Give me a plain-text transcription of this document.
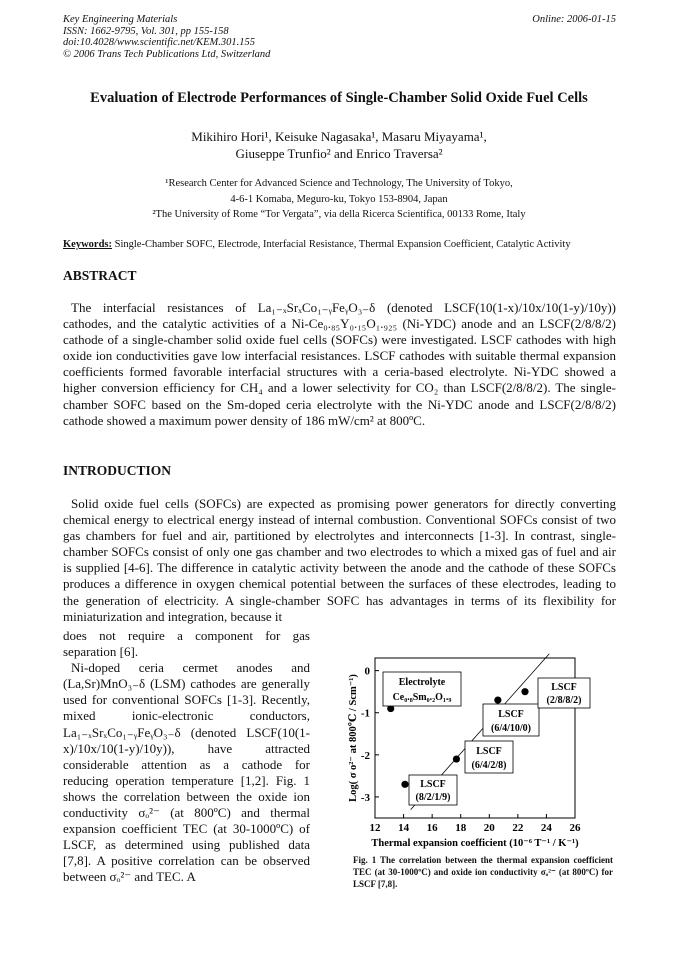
Key Engineering Materials
ISSN: 1662-9795, Vol. 301, pp 155-158
doi:10.4028/www.scientific.net/KEM.301.155
© 2006 Trans Tech Publications Ltd, Switzerland
Online: 2006-01-15
Evaluation of Electrode Performances of Single-Chamber Solid Oxide Fuel Cells
Mikihiro Hori¹, Keisuke Nagasaka¹, Masaru Miyayama¹,
Giuseppe Trunfio² and Enrico Traversa²
¹Research Center for Advanced Science and Technology, The University of Tokyo,
4-6-1 Komaba, Meguro-ku, Tokyo 153-8904, Japan
²The University of Rome “Tor Vergata”, via della Ricerca Scientifica, 00133 Rome, Italy
Keywords: Single-Chamber SOFC, Electrode, Interfacial Resistance, Thermal Expansion Coefficient, Catalytic Activity
ABSTRACT

The interfacial resistances of La₁₋ₓSrₓCo₁₋ᵧFeᵧO₃₋δ (denoted LSCF(10(1-x)/10x/10(1-y)/10y)) cathodes, and the catalytic activities of a Ni-Ce₀.₈₅Y₀.₁₅O₁.₉₂₅ (Ni-YDC) anode and an LSCF(2/8/8/2) cathode of a single-chamber solid oxide fuel cells (SOFCs) were investigated. LSCF cathodes with high oxide ion conductivities gave low interfacial resistances. LSCF cathodes with suitable thermal expansion coefficients formed favorable interfacial structures with a ceria-based electrolyte. Ni-YDC showed a higher conversion efficiency for CH₄ and a lower selectivity for CO₂ than LSCF(2/8/8/2). The single-chamber SOFC based on the Sm-doped ceria electrolyte with the Ni-YDC anode and LSCF(2/8/8/2) cathode showed a maximum power density of 186 mW/cm² at 800ºC.

INTRODUCTION

Solid oxide fuel cells (SOFCs) are expected as promising power generators for directly converting chemical energy to electrical energy instead of internal combustion. Conventional SOFCs consist of two gas chambers for fuel and air, partitioned by electrolytes and interconnects [1-3]. In contrast, single-chamber SOFCs consist of only one gas chamber and two electrodes to which a mixed gas of fuel and air is supplied [4-6]. The difference in catalytic activity between the anode and the cathode of these SOFCs produces a difference in oxygen chemical potential between the surfaces of these electrodes, leading to the generation of electricity. A single-chamber SOFC has advantages in terms of its flexibility for miniaturization and integration, because it

does not require a component for gas separation [6].
Ni-doped ceria cermet anodes and (La,Sr)MnO₃₋δ (LSM) cathodes are generally used for conventional SOFCs [1-3]. Recently, mixed ionic-electronic conductors, La₁₋ₓSrₓCo₁₋ᵧFeᵧO₃₋δ (denoted LSCF(10(1-x)/10x/10(1-y)/10y)), have attracted considerable attention as a cathode for reducing operation temperature [1,2]. Fig. 1 shows the correlation between the oxide ion conductivity σₒ²⁻ (at 800ºC) and thermal expansion coefficient TEC (at 30-1000ºC) of LSCF, as determined using published data [7,8]. A positive correlation can be observed between σₒ²⁻ and TEC. A
12 14 16 18 20 22 24 26
0
-1
-2
-3
Electrolyte
Ce₀.₈Sm₀.₂O₁.₉
LSCF
(8/2/1/9)
LSCF
(6/4/2/8)
LSCF
(6/4/10/0)
LSCF
(2/8/8/2)
Thermal expansion coefficient (10⁻⁶ T⁻¹ / K⁻¹)
Log( σ o²⁻ at 800℃ / Scm⁻¹)
Fig. 1 The correlation between the thermal expansion coefficient TEC (at 30-1000ºC) and oxide ion conductivity σₒ²⁻ (at 800ºC) for LSCF [7,8].
